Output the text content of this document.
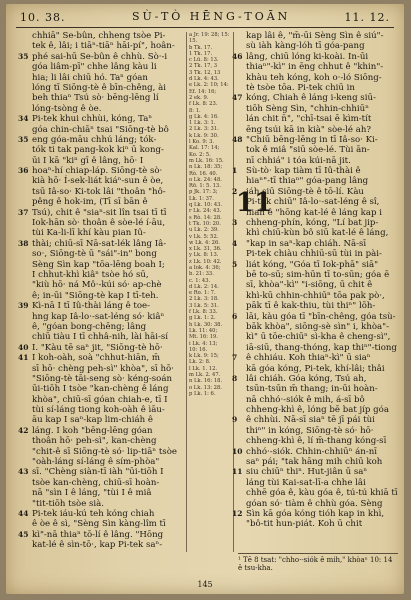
10. 38.	SÙ-TÒ HĒNG-TOĀN	11. 12.
chhiā" Se-bûn, chheng tsòe Pi-
tek ê, lâi; i tiāⁿ-tiāⁿ hāi-pí", hoân-
35 phé sai-hū Se-bûn ê chhù. Sò·-i
góa liâm-pī" chhe lâng kàu li
hia; li lâi chiū hó. Taⁿ góan
lóng tī Siōng-tè ê bīn-chêng, ài
beh thiaⁿ Tsú sò· bēng-lēng lí
lóng-tsòng ê òe.
34 Pi-tek khui chhùi, kóng, Taⁿ
góa chin-chiāⁿ tsai "Siōng-tè bô
35 eng góa-māu chhú láng; tók-
tók ti tak pang-kok kiⁿ ū kong-
ūi I kā "kiⁿ gī ê lâng, hō· I
36 hoaⁿ-hí chiap-láp. Siōng-tè sò·
kià hō· Í-sek-liát kiáⁿ-sun ê òe,
tsū Iâ-so· Ki-tok lâi "thoân "hô-
pêng ê hok-im, (Tī sī bān ê
37 Tsú), chit ê "siaⁿ-sit lîn tsai tī tī
Iok-hān sò· thoân ê sòe-lé í-āu,
tùi Ka-li-lī khí kàu pian Iû-
38 thài; chiū-sī Nā-sat-lék lâng Iâ-
so·, Siōng-tè ū "sái"-in" bong
Sèng Sìn kap "tōa-lēng boah I;
I chhut-khì kiâⁿ tsòe hó sū,
"kiù hō· ná Mô·-kúi só· ap-chè
ê; in-ūi "Siōng-tè kap I tī-teh.
39 Kì-nā I tī Iû-thài láng ê toe-
hng kap Iâ-lo·-sat-léng só· kiâⁿ
ê, "góan bong-chēng; lâng
chiū tiàu I tī chhâ-nih, lài hāi-sí
40 I. "Kàu tē saⁿ jit, "Siōng-tè hō·
41 I koh-oàh, soà "chhut-hiān, m̄
sī hō· chèng peh-sì" khòa", sī hō·
"Siōng-tè tāi-seng sò· kéng-soán
ūi-tiōh I tsòe "kan-chèng ê láng
khòa", chiū-sī góan chiah-e, tī I
tùi sí-láng tiong koh-oàh ê ìāu-
āu kap I saⁿ-kap lim-chiáh ê
42 láng. I koh "bēng-lēng góan
thoân hō· peh-sì", kan-chèng
"chit-ê sī Siōng-tè só· lip-tiāⁿ tsòe
"oàh-láng sí-láng ê sím-phòa"
43 sī. "Chèng siàn-tī iàh "ūi-tiōh I
tsòe kan-chèng, chiū-sī hoàn-
nā "sìn I ê láng, "tùi I ê miâ
"tit-tiōh tsòe sià.
44 Pi-tek iáu-kú teh kóng chiah
ê òe ê sì, "Sèng Sìn kàng-lîm tī
45 kì"-nā thiaⁿ tō-lí ê lâng. "Hōng
kat-lé ê sìn-tō·, kap Pi-tek saⁿ-
a Jr. 19: 28; 15:
15.
b Tk. 17.
1 Tk. 17.
c Lū. 8: 13.
2 Tk. 17, 3
3 Tk. 12, 13
d Lk. 4: 43.
e Lk. 2: 10; 14:
Ef. 14: 16;
2 ek. 9.
f Lk. 8: 23.
8: 1.
g Lk. 4: 16.
1 Lk. 3: 1.
2 Lk. 3: 31.
k Lk. 9: 30.
l Ko. 9: 3.
Kal. 17: 14;
Ko. 2: 5.
m Lk. 16: 15.
n Lk. 18: 35;
Rò. 16. 40.
o Lk. 24: 48.
Rō. 1: 5. 13.
p Jk. 17: 3;
Lk. 1: 37.
q Lk. 10: 43.
r Lk. 24: 43.
s Rò. 14: 28.
t Tk. 10: 20.
u Lk. 2: 39.
v Lk. 5: 52.
w Lk. 4: 26.
x Lk. 31, 36.
y Lk. 8: 13.
z Lk. 10: 42.
a Iok. 4: 36;
b. 21: 33.
c. 1: 43.
d Lk. 2: 14.
e Ro. 1: 7.
2 Lk. 3: 18.
3 Lk. 5: 31.
f Lk. 8: 33.
g Lk. 1: 2.
h Lk. 30: 38.
Lk. 11: 40;
Mt. 16: 19.
i Lk. 4: 13;
10: 16.
k Lk. 9: 15;
Lk. 2: 8.
l Lk. 1. 12.
m Lk. 2. 47.
n Lk. 16: 18.
o Lk. 13: 28.
p Lk. 1: 6.
kap lâi ê, "m̄-ūi Sèng Sìn ê siú"-
sù iàh kàng-lóh tī góa-pang
46 lâng, chiū lóng ki-koài. In-ūi
thiaⁿ"-kì" in ēng chhut ê "khin"-
khàu teh kóng, koh o·-ló Siōng-
tè tsòe tōa. Pi-tek chiū in
47 kóng, Chiah ê láng i-keng siū-
tiōh Sèng Sìn, "chhin-chhiūⁿ
lán chit n̄", "chī-tsai ē kìm-tít
ēng tsúi kā in kià" sòe-lé ah?
48 "Chiū bēng-lēng in tī Iâ-so· Ki-
tok ê miâ "siū sòe-lé. Tùi ān-
nī chhiá" i tóa kúi-nā jit.
1 Sù-tò· kap tiàm tī Iû-thài ê
hiaⁿ"-tī thiaⁿ" góa-pang lâng
2 iáh siū Siōng-tè ê tō-lí. Kàu
Pi-tek chiū" Iâ-lo·-sat-léng ê sî,
hiah ê "hōng kat-lé ê láng kap i
3 chheng-phín, kóng, "Lí bat jip-
khì chiū-kùn bô siū kat-lé ê láng,
4 "kap in saⁿ-kap chiáh. Nā-sī
Pi-tek chiàu chhiū-sū tùi in pài-
5 liát kóng, "Góa tī Iok-phā" siā"
bē to-sū; sim-hūn tī to-sūn; góa ē
sī, khòa"-kì" "i-siōng, ū chit ê
khì-kū chhin-chhiūⁿ tōa pak pò·,
pāk tī ê kak-thiu, tùi thiⁿ" lōh-
6 lāi, kàu góa tī "bīn-chêng, góa tsù-
bāk khòa", siōng-sè sìn" i, khòa"-
kì" ū tōe-chiūⁿ sì-kha ê cheng-sì",
iā-siū, thang-thóng, kap thiⁿ"-tiong
7 ê chhiáu. Koh thiaⁿ-kì" ū siaⁿ
kā góa kóng, Pi-tek, khí-lâi; thâi
8 lâi chiáh. Góa kóng, Tsú ah,
tsūn-tsūn m̄ thang; in-ūi hoàn-
nā chhó·-siók ê mih, á-sī bô
chheng-khì ê, lóng bē bat jíp góa
9 ê chhùi. Nā-sī siaⁿ tē jī pái tùi
thiⁿ" in kóng, Siōng-tè só· hō·
chheng-khì ê, lí m̄-thang kóng-sī
10 chhó·-siók. Chhin-chhiūⁿ án-nī
saⁿ pái; "tak hāng mih chiū koh
11 siu chiūⁿ thiⁿ. Hut-jiân ū saⁿ
láng tùi Kai-sat-lī-a chhe lâi
chhē góa ê, kàu góa ê, tú-tú khiā tī
góan só· tiàm ê chhù góa. Sèng
12 Sìn kā góa kóng tióh kap in khì,
"bô-tit hun-piát. Koh ū chit
11
¹ Tē 8 tsat: "chho·-siók ê mih," khòaⁿ 10: 14 ê tsu-kha.
145
